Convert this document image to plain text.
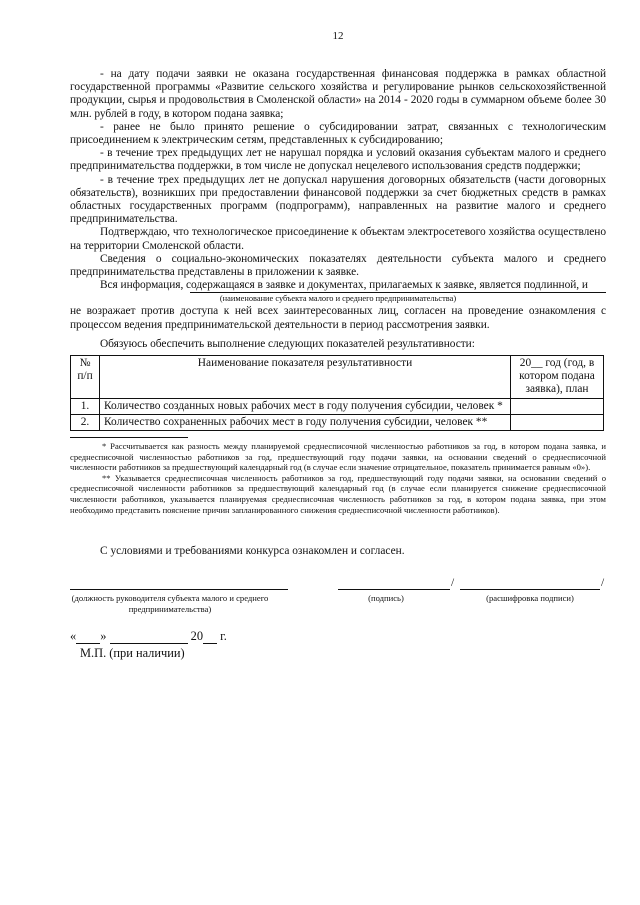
12

- на дату подачи заявки не оказана государственная финансовая поддержка в рамках областной государственной программы «Развитие сельского хозяйства и регулирование рынков сельскохозяйственной продукции, сырья и продовольствия в Смоленской области» на 2014 - 2020 годы в суммарном объеме более 30 млн. рублей в году, в котором подана заявка;

- ранее не было принято решение о субсидировании затрат, связанных с технологическим присоединением к электрическим сетям, представленных к субсидированию;

- в течение трех предыдущих лет не нарушал порядка и условий оказания субъектам малого и среднего предпринимательства поддержки, в том числе не допускал нецелевого использования средств поддержки;

- в течение трех предыдущих лет не допускал нарушения договорных обязательств (части договорных обязательств), возникших при предоставлении финансовой поддержки за счет бюджетных средств в рамках областных государственных программ (подпрограмм), направленных на развитие малого и среднего предпринимательства.

Подтверждаю, что технологическое присоединение к объектам электросетевого хозяйства осуществлено на территории Смоленской области.

Сведения о социально-экономических показателях деятельности субъекта малого и среднего предпринимательства представлены в приложении к заявке.

Вся информация, содержащаяся в заявке и документах, прилагаемых к заявке, является подлинной, и

(наименование субъекта малого и среднего предпринимательства)

не возражает против доступа к ней всех заинтересованных лиц, согласен на проведение ознакомления с процессом ведения предпринимательской деятельности в период рассмотрения заявки.

Обязуюсь обеспечить выполнение следующих показателей результативности:

№ п/п	Наименование показателя результативности	20__ год (год, в котором подана заявка), план
1.	Количество созданных новых рабочих мест в году получения субсидии, человек *	
2.	Количество сохраненных рабочих мест в году получения субсидии, человек **	

* Рассчитывается как разность между планируемой среднесписочной численностью работников за год, в котором подана заявка, и среднесписочной численностью работников за год, предшествующий году подачи заявки, на основании сведений о среднесписочной численности работников за предшествующий календарный год (в случае если значение отрицательное, показатель принимается равным «0»).

** Указывается среднесписочная численность работников за год, предшествующий году подачи заявки, на основании сведений о среднесписочной численности работников за предшествующий календарный год (в случае если планируется снижение среднесписочной численности работников, указывается планируемая среднесписочная численность работников за год, в котором подана заявка, при этом необходимо представить пояснение причин запланированного снижения среднесписочной численности работников).

С условиями и требованиями конкурса ознакомлен и согласен.

/	/
(должность руководителя субъекта малого и среднего предпринимательства)
(подпись)	(расшифровка подписи)
« »	20 г.
М.П. (при наличии)
